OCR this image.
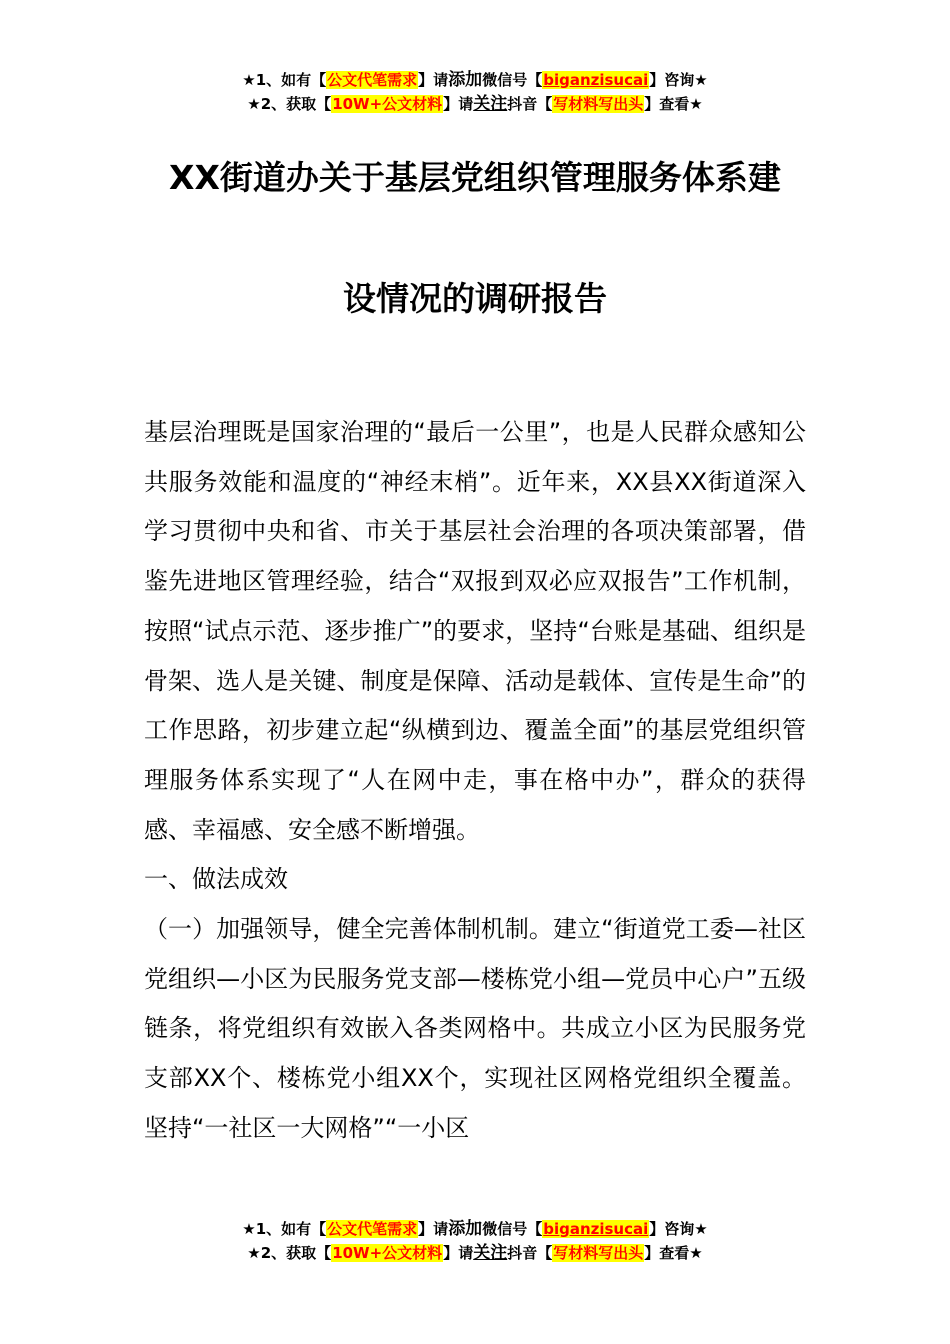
★1、如有【公文代笔需求】请添加微信号【biganzisucai】咨询★
★2、获取【10W+公文材料】请关注抖音【写材料写出头】查看★
XX街道办关于基层党组织管理服务体系建
设情况的调研报告

基层治理既是国家治理的“最后一公里”，也是人民群众感知公共服务效能和温度的“神经末梢”。近年来，XX县XX街道深入学习贯彻中央和省、市关于基层社会治理的各项决策部署，借鉴先进地区管理经验，结合“双报到双必应双报告”工作机制，按照“试点示范、逐步推广”的要求，坚持“台账是基础、组织是骨架、选人是关键、制度是保障、活动是载体、宣传是生命”的工作思路，初步建立起“纵横到边、覆盖全面”的基层党组织管理服务体系实现了“人在网中走，事在格中办”，群众的获得感、幸福感、安全感不断增强。

一、做法成效

（一）加强领导，健全完善体制机制。建立“街道党工委—社区党组织—小区为民服务党支部—楼栋党小组—党员中心户”五级链条，将党组织有效嵌入各类网格中。共成立小区为民服务党支部XX个、楼栋党小组XX个，实现社区网格党组织全覆盖。坚持“一社区一大网格”“一小区

★1、如有【公文代笔需求】请添加微信号【biganzisucai】咨询★
★2、获取【10W+公文材料】请关注抖音【写材料写出头】查看★
